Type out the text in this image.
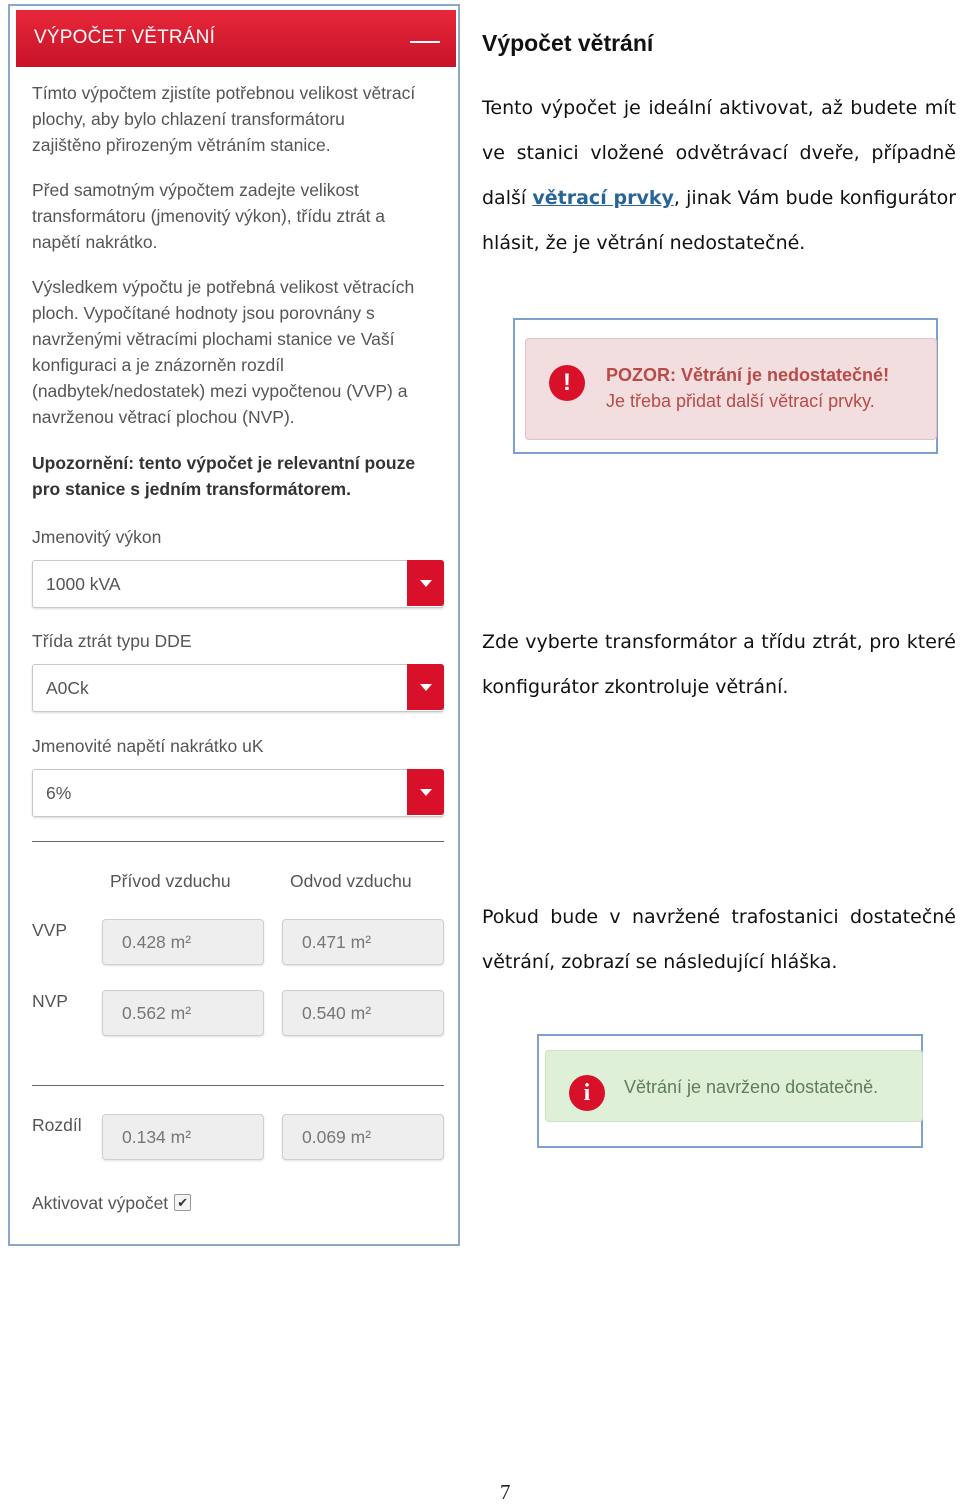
VÝPOČET VĚTRÁNÍ
Tímto výpočtem zjistíte potřebnou velikost větrací
plochy, aby bylo chlazení transformátoru
zajištěno přirozeným větráním stanice.
Před samotným výpočtem zadejte velikost
transformátoru (jmenovitý výkon), třídu ztrát a
napětí nakrátko.
Výsledkem výpočtu je potřebná velikost větracích
ploch. Vypočítané hodnoty jsou porovnány s
navrženými větracími plochami stanice ve Vaší
konfiguraci a je znázorněn rozdíl
(nadbytek/nedostatek) mezi vypočtenou (VVP) a
navrženou větrací plochou (NVP).
Upozornění: tento výpočet je relevantní pouze
pro stanice s jedním transformátorem.
Jmenovitý výkon
1000 kVA
Třída ztrát typu DDE
A0Ck
Jmenovité napětí nakrátko uK
6%
Přívod vzduchu	Odvod vzduchu
VVP
0.428 m²	0.471 m²
NVP
0.562 m²	0.540 m²
Rozdíl
0.134 m²	0.069 m²
Aktivovat výpočet ✔
Výpočet větrání
Tento výpočet je ideální aktivovat, až budete mít ve stanici vložené odvětrávací dveře, případně další větrací prvky, jinak Vám bude konfigurátor hlásit, že je větrání nedostatečné.
!	POZOR: Větrání je nedostatečné!
Je třeba přidat další větrací prvky.
Zde vyberte transformátor a třídu ztrát, pro které konfigurátor zkontroluje větrání.
Pokud bude v navržené trafostanici dostatečné větrání, zobrazí se následující hláška.
i	Větrání je navrženo dostatečně.
7
